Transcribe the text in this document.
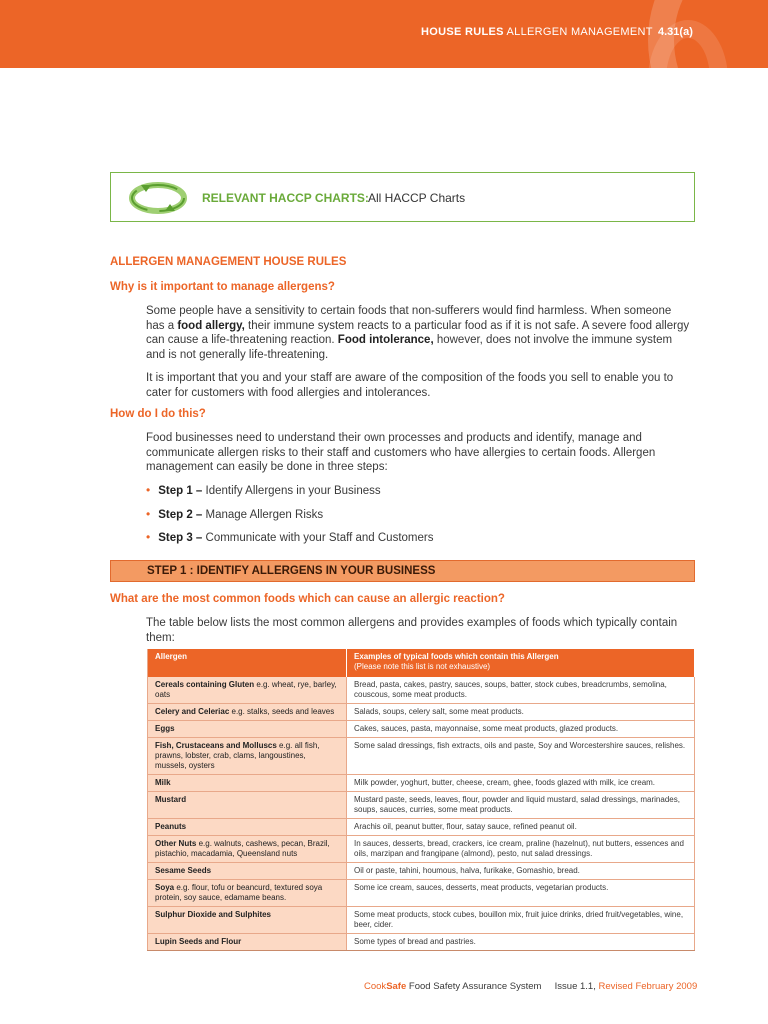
HOUSE RULES ALLERGEN MANAGEMENT 4.31(a)
RELEVANT HACCP CHARTS: All HACCP Charts
ALLERGEN MANAGEMENT HOUSE RULES
Why is it important to manage allergens?
Some people have a sensitivity to certain foods that non-sufferers would find harmless. When someone has a food allergy, their immune system reacts to a particular food as if it is not safe. A severe food allergy can cause a life-threatening reaction. Food intolerance, however, does not involve the immune system and is not generally life-threatening.
It is important that you and your staff are aware of the composition of the foods you sell to enable you to cater for customers with food allergies and intolerances.
How do I do this?
Food businesses need to understand their own processes and products and identify, manage and communicate allergen risks to their staff and customers who have allergies to certain foods. Allergen management can easily be done in three steps:
• Step 1 – Identify Allergens in your Business
• Step 2 – Manage Allergen Risks
• Step 3 – Communicate with your Staff and Customers
STEP 1 : IDENTIFY ALLERGENS IN YOUR BUSINESS
What are the most common foods which can cause an allergic reaction?
The table below lists the most common allergens and provides examples of foods which typically contain them:
Allergen	Examples of typical foods which contain this Allergen
(Please note this list is not exhaustive)

Cereals containing Gluten e.g. wheat, rye, barley, oats	Bread, pasta, cakes, pastry, sauces, soups, batter, stock cubes, breadcrumbs, semolina, couscous, some meat products.
Celery and Celeriac e.g. stalks, seeds and leaves	Salads, soups, celery salt, some meat products.
Eggs	Cakes, sauces, pasta, mayonnaise, some meat products, glazed products.
Fish, Crustaceans and Molluscs e.g. all fish, prawns, lobster, crab, clams, langoustines, mussels, oysters	Some salad dressings, fish extracts, oils and paste, Soy and Worcestershire sauces, relishes.
Milk	Milk powder, yoghurt, butter, cheese, cream, ghee, foods glazed with milk, ice cream.
Mustard	Mustard paste, seeds, leaves, flour, powder and liquid mustard, salad dressings, marinades, soups, sauces, curries, some meat products.
Peanuts	Arachis oil, peanut butter, flour, satay sauce, refined peanut oil.
Other Nuts e.g. walnuts, cashews, pecan, Brazil, pistachio, macadamia, Queensland nuts	In sauces, desserts, bread, crackers, ice cream, praline (hazelnut), nut butters, essences and oils, marzipan and frangipane (almond), pesto, nut salad dressings.
Sesame Seeds	Oil or paste, tahini, houmous, halva, furikake, Gomashio, bread.
Soya e.g. flour, tofu or beancurd, textured soya protein, soy sauce, edamame beans.	Some ice cream, sauces, desserts, meat products, vegetarian products.
Sulphur Dioxide and Sulphites	Some meat products, stock cubes, bouillon mix, fruit juice drinks, dried fruit/vegetables, wine, beer, cider.
Lupin Seeds and Flour	Some types of bread and pastries.
CookSafe Food Safety Assurance System Issue 1.1, Revised February 2009
